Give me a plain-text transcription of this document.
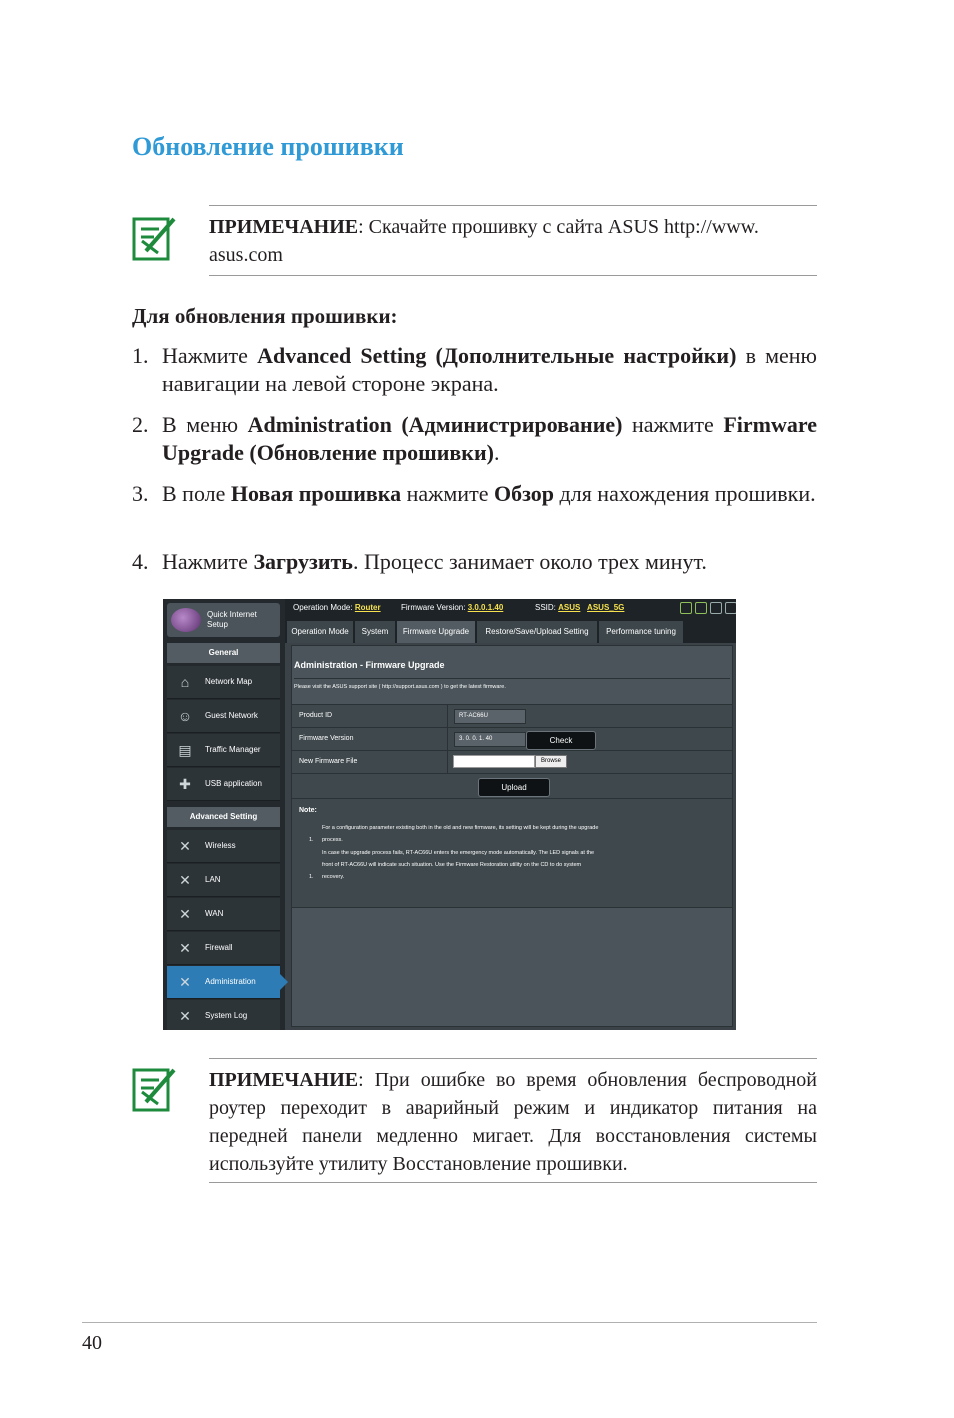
Обновление прошивки
ПРИМЕЧАНИЕ: Скачайте прошивку с сайта ASUS http://www.
asus.com
Для обновления прошивки:
1. Нажмите Advanced Setting (Дополнительные настройки) в меню навигации на левой стороне экрана.
2. В меню Administration (Администрирование) нажмите Firmware Upgrade (Обновление прошивки).
3. В поле Новая прошивка нажмите Обзор для нахождения прошивки.
4. Нажмите Загрузить. Процесс занимает около трех минут.
Quick Internet Setup
General
⌂	Network Map
☺	Guest Network
▤	Traffic Manager
✚	USB application
Advanced Setting
✕	Wireless
✕	LAN
✕	WAN
✕	Firewall
✕	Administration
✕	System Log
Operation Mode: Router	Firmware Version: 3.0.0.1.40	SSID: ASUS ASUS_5G
Operation Mode	System	Firmware Upgrade	Restore/Save/Upload Setting	Performance tuning
Administration - Firmware Upgrade
Please visit the ASUS support site ( http://support.asus.com ) to get the latest firmware.
Product ID	RT-AC66U
Firmware Version	3. 0. 0. 1. 40	Check
New Firmware File	Browse
Upload
Note:
For a configuration parameter existing both in the old and new firmware, its setting will be kept during the upgrade
1. process.
In case the upgrade process fails, RT-AC66U enters the emergency mode automatically. The LED signals at the
front of RT-AC66U will indicate such situation. Use the Firmware Restoration utility on the CD to do system
1. recovery.
ПРИМЕЧАНИЕ: При ошибке во время обновления беспроводной роутер переходит в аварийный режим и индикатор питания на передней панели медленно мигает. Для восстановления системы используйте утилиту Восстановление прошивки.
40
